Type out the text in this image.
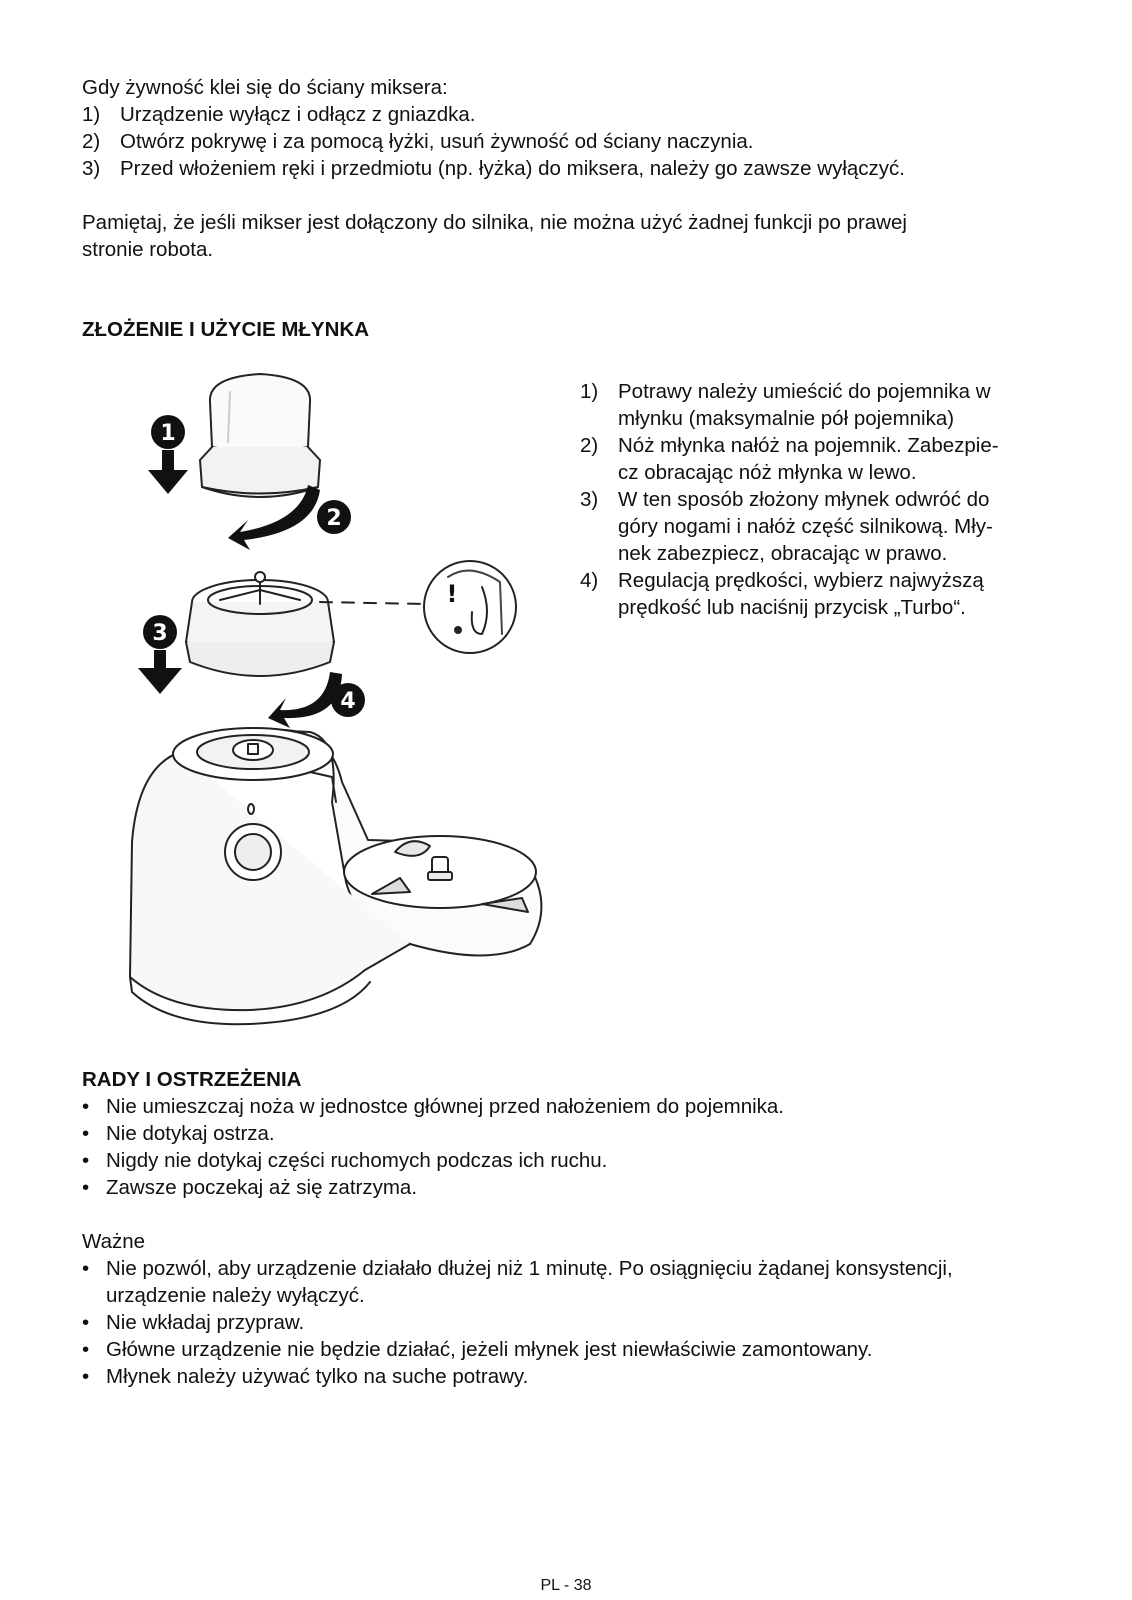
Gdy żywność klei się do ściany miksera:
1) Urządzenie wyłącz i odłącz z gniazdka.
2) Otwórz pokrywę i za pomocą łyżki, usuń żywność od ściany naczynia.
3) Przed włożeniem ręki i przedmiotu (np. łyżka) do miksera, należy go zawsze wyłączyć.
Pamiętaj, że jeśli mikser jest dołączony do silnika, nie można użyć żadnej funkcji po prawej
stronie robota.
ZŁOŻENIE I UŻYCIE MŁYNKA
1) Potrawy należy umieścić do pojemnika w
młynku (maksymalnie pół pojemnika)
2) Nóż młynka nałóż na pojemnik. Zabezpie-
cz obracając nóż młynka w lewo.
3) W ten sposób złożony młynek odwróć do
góry nogami i nałóż część silnikową. Mły-
nek zabezpiecz, obracając w prawo.
4) Regulacją prędkości, wybierz najwyższą
prędkość lub naciśnij przycisk „Turbo“.
1
2
!
3
4
RADY I OSTRZEŻENIA
• Nie umieszczaj noża w jednostce głównej przed nałożeniem do pojemnika.
• Nie dotykaj ostrza.
• Nigdy nie dotykaj części ruchomych podczas ich ruchu.
• Zawsze poczekaj aż się zatrzyma.
Ważne
• Nie pozwól, aby urządzenie działało dłużej niż 1 minutę. Po osiągnięciu żądanej konsystencji,
urządzenie należy wyłączyć.
• Nie wkładaj przypraw.
• Główne urządzenie nie będzie działać, jeżeli młynek jest niewłaściwie zamontowany.
• Młynek należy używać tylko na suche potrawy.
PL - 38
